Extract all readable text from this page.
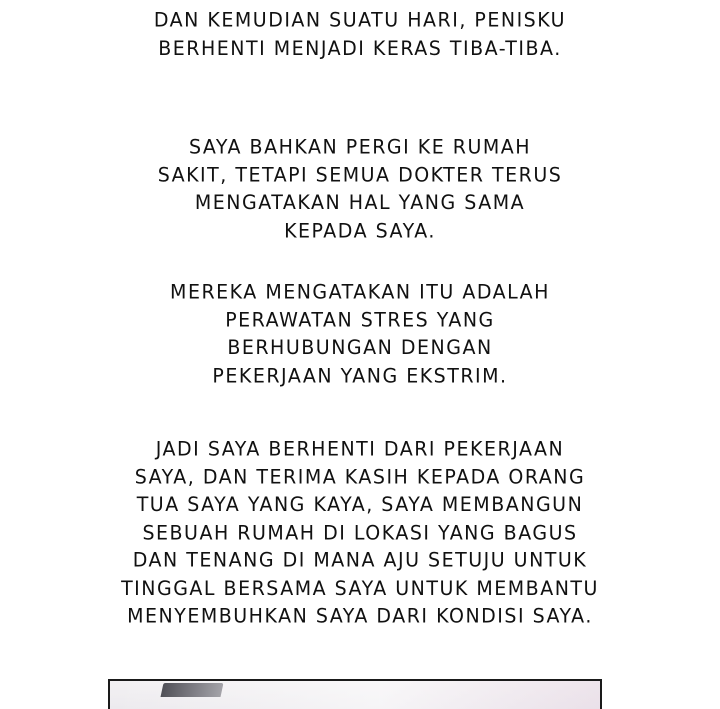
DAN KEMUDIAN SUATU HARI, PENISKU
BERHENTI MENJADI KERAS TIBA-TIBA.
SAYA BAHKAN PERGI KE RUMAH
SAKIT, TETAPI SEMUA DOKTER TERUS
MENGATAKAN HAL YANG SAMA
KEPADA SAYA.
MEREKA MENGATAKAN ITU ADALAH
PERAWATAN STRES YANG
BERHUBUNGAN DENGAN
PEKERJAAN YANG EKSTRIM.
JADI SAYA BERHENTI DARI PEKERJAAN
SAYA, DAN TERIMA KASIH KEPADA ORANG
TUA SAYA YANG KAYA, SAYA MEMBANGUN
SEBUAH RUMAH DI LOKASI YANG BAGUS
DAN TENANG DI MANA AJU SETUJU UNTUK
TINGGAL BERSAMA SAYA UNTUK MEMBANTU
MENYEMBUHKAN SAYA DARI KONDISI SAYA.
